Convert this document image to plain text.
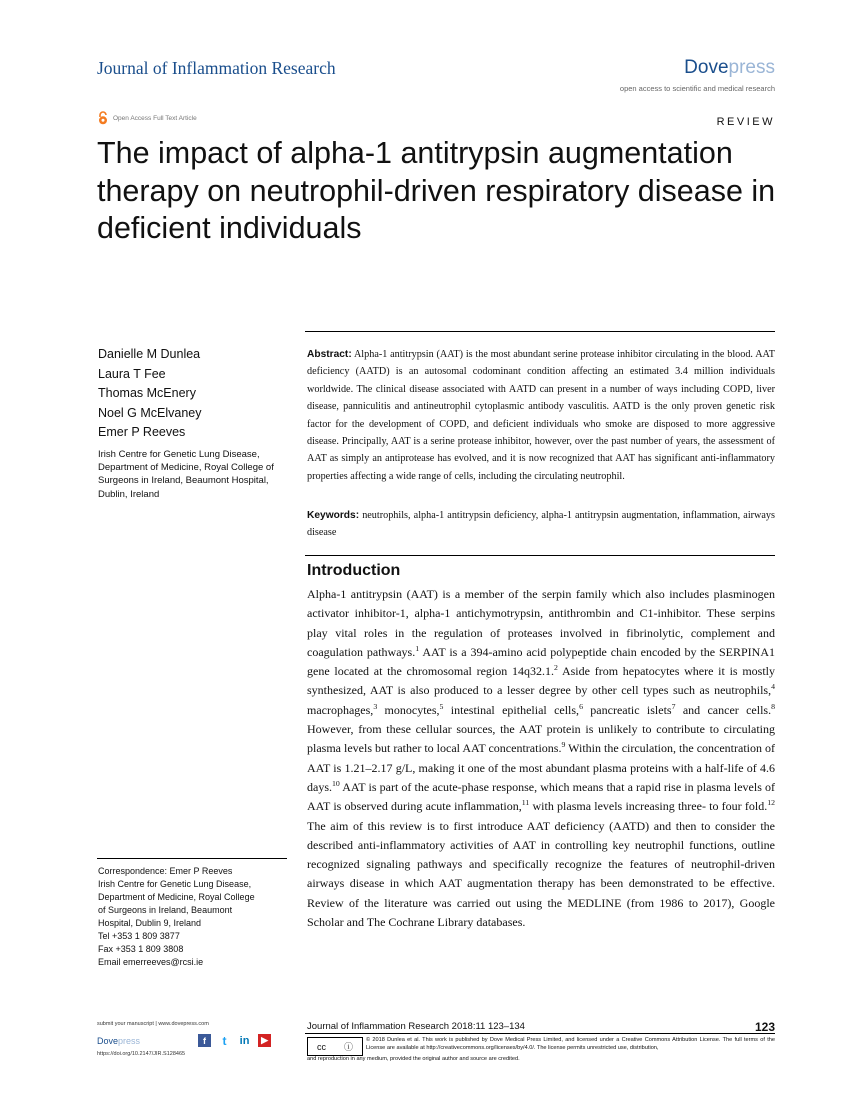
Journal of Inflammation Research	Dovepress
open access to scientific and medical research
Open Access Full Text Article	REVIEW
The impact of alpha-1 antitrypsin augmentation therapy on neutrophil-driven respiratory disease in deficient individuals
Danielle M Dunlea
Laura T Fee
Thomas McEnery
Noel G McElvaney
Emer P Reeves
Irish Centre for Genetic Lung Disease, Department of Medicine, Royal College of Surgeons in Ireland, Beaumont Hospital, Dublin, Ireland
Abstract: Alpha-1 antitrypsin (AAT) is the most abundant serine protease inhibitor circulating in the blood. AAT deficiency (AATD) is an autosomal codominant condition affecting an estimated 3.4 million individuals worldwide. The clinical disease associated with AATD can present in a number of ways including COPD, liver disease, panniculitis and antineutrophil cytoplasmic antibody vasculitis. AATD is the only proven genetic risk factor for the development of COPD, and deficient individuals who smoke are disposed to more aggressive disease. Principally, AAT is a serine protease inhibitor, however, over the past number of years, the assessment of AAT as simply an antiprotease has evolved, and it is now recognized that AAT has significant anti-inflammatory properties affecting a wide range of cells, including the circulating neutrophil.
Keywords: neutrophils, alpha-1 antitrypsin deficiency, alpha-1 antitrypsin augmentation, inflammation, airways disease
Introduction

Alpha-1 antitrypsin (AAT) is a member of the serpin family which also includes plasminogen activator inhibitor-1, alpha-1 antichymotrypsin, antithrombin and C1-inhibitor. These serpins play vital roles in the regulation of proteases involved in fibrinolytic, complement and coagulation pathways.$^1$ AAT is a 394-amino acid polypeptide chain encoded by the SERPINA1 gene located at the chromosomal region 14q32.1.$^2$ Aside from hepatocytes where it is mostly synthesized, AAT is also produced to a lesser degree by other cell types such as neutrophils,$^4$ macrophages,$^3$ monocytes,$^5$ intestinal epithelial cells,$^6$ pancreatic islets$^7$ and cancer cells.$^8$ However, from these cellular sources, the AAT protein is unlikely to contribute to circulating plasma levels but rather to local AAT concentrations.$^9$ Within the circulation, the concentration of AAT is 1.21–2.17 g/L, making it one of the most abundant plasma proteins with a half-life of 4.6 days.$^{10}$ AAT is part of the acute-phase response, which means that a rapid rise in plasma levels of AAT is observed during acute inflammation,$^{11}$ with plasma levels increasing three- to four fold.$^{12}$ The aim of this review is to first introduce AAT deficiency (AATD) and then to consider the described anti-inflammatory activities of AAT in controlling key neutrophil functions, outline recognized signaling pathways and specifically recognize the features of neutrophil-driven airways disease in which AAT augmentation therapy has been demonstrated to be effective. Review of the literature was carried out using the MEDLINE (from 1986 to 2017), Google Scholar and The Cochrane Library databases.

Correspondence: Emer P Reeves
Irish Centre for Genetic Lung Disease,
Department of Medicine, Royal College
of Surgeons in Ireland, Beaumont
Hospital, Dublin 9, Ireland
Tel +353 1 809 3877
Fax +353 1 809 3808
Email emerreeves@rcsi.ie
submit your manuscript | www.dovepress.com
Dovepress	f	t	in	▶
https://doi.org/10.2147/JIR.S128465
Journal of Inflammation Research 2018:11 123–134	123
cc ⓘ
© 2018 Dunlea et al. This work is published by Dove Medical Press Limited, and licensed under a Creative Commons Attribution License. The full terms of the License are available at http://creativecommons.org/licenses/by/4.0/. The license permits unrestricted use, distribution,
and reproduction in any medium, provided the original author and source are credited.
